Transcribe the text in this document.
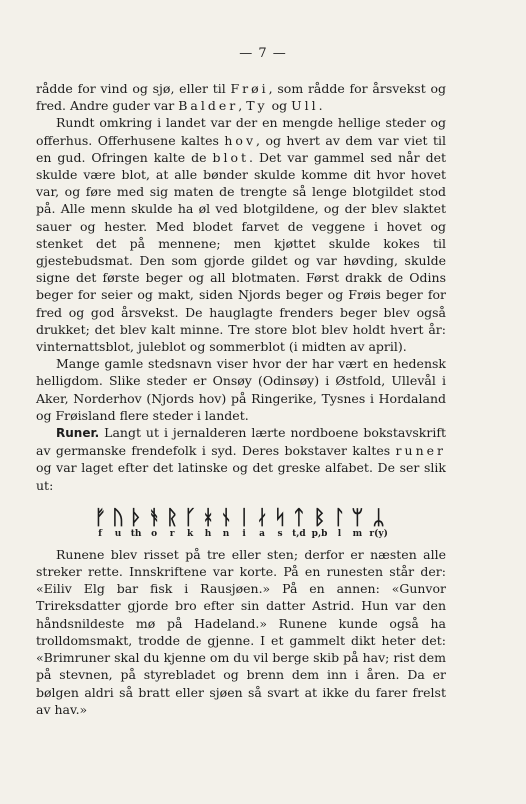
— 7 —

rådde for vind og sjø, eller til Frøi, som rådde for årsvekst og fred. Andre guder var Balder, Ty og Ull.

Rundt omkring i landet var der en mengde hellige steder og offerhus. Offerhusene kaltes hov, og hvert av dem var viet til en gud. Ofringen kalte de blot. Det var gammel sed når det skulde være blot, at alle bønder skulde komme dit hvor hovet var, og føre med sig maten de trengte så lenge blotgildet stod på. Alle menn skulde ha øl ved blotgildene, og der blev slaktet sauer og hester. Med blodet farvet de veggene i hovet og stenket det på mennene; men kjøttet skulde kokes til gjestebudsmat. Den som gjorde gildet og var høvding, skulde signe det første beger og all blotmaten. Først drakk de Odins beger for seier og makt, siden Njords beger og Frøis beger for fred og god årsvekst. De hauglagte frenders beger blev også drukket; det blev kalt minne. Tre store blot blev holdt hvert år: vinternattsblot, juleblot og sommerblot (i midten av april).

Mange gamle stedsnavn viser hvor der har vært en hedensk helligdom. Slike steder er Onsøy (Odinsøy) i Østfold, Ullevål i Aker, Norderhov (Njords hov) på Ringerike, Tysnes i Hordaland og Frøisland flere steder i landet.

Runer. Langt ut i jernalderen lærte nordboene bokstavskrift av germanske frendefolk i syd. Deres bokstaver kaltes runer og var laget efter det latinske og det greske alfabet. De ser slik ut:

ᚠ	ᚢ	ᚦ	ᚬ	ᚱ	ᚴ	ᚼ	ᚾ	ᛁ	ᛅ	ᛋ	ᛏ	ᛒ	ᛚ	ᛘ	ᛦ
f	u	th	o	r	k	h	n	i	a	s	t,d	p,b	l	m	r(y)

Runene blev risset på tre eller sten; derfor er næsten alle streker rette. Innskriftene var korte. På en runesten står der: «Eiliv Elg bar fisk i Rausjøen.» På en annen: «Gunvor Trireksdatter gjorde bro efter sin datter Astrid. Hun var den håndsnildeste mø på Hadeland.» Runene kunde også ha trolldomsmakt, trodde de gjenne. I et gammelt dikt heter det: «Brimruner skal du kjenne om du vil berge skib på hav; rist dem på stevnen, på styrebladet og brenn dem inn i åren. Da er bølgen aldri så bratt eller sjøen så svart at ikke du farer frelst av hav.»
